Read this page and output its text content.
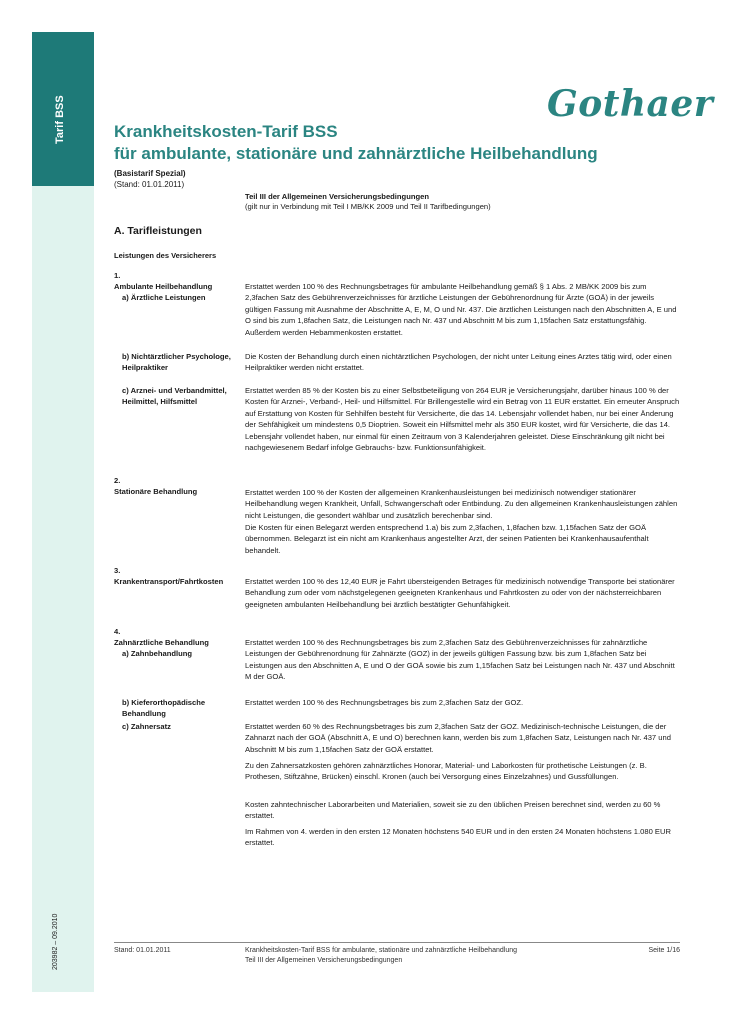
Tarif BSS
203982 – 09.2010
Gothaer
Krankheitskosten-Tarif BSS
für ambulante, stationäre und zahnärztliche Heilbehandlung
(Basistarif Spezial)
(Stand: 01.01.2011)
Teil III der Allgemeinen Versicherungsbedingungen
(gilt nur in Verbindung mit Teil I MB/KK 2009 und Teil II Tarifbedingungen)
A. Tarifleistungen
Leistungen des Versicherers
1.
Ambulante Heilbehandlung
a) Ärztliche Leistungen

Erstattet werden 100 % des Rechnungsbetrages für ambulante Heilbehandlung gemäß § 1 Abs. 2 MB/KK 2009 bis zum 2,3fachen Satz des Gebührenverzeichnisses für ärztliche Leistungen der Gebührenordnung für Ärzte (GOÄ) in der jeweils gültigen Fassung mit Ausnahme der Abschnitte A, E, M, O und Nr. 437. Die ärztlichen Leistungen nach den Abschnitten A, E und O sind bis zum 1,8fachen Satz, die Leistungen nach Nr. 437 und Abschnitt M bis zum 1,15fachen Satz erstattungsfähig. Außerdem werden Hebammenkosten erstattet.

b) Nichtärztlicher Psychologe,
Heilpraktiker

Die Kosten der Behandlung durch einen nichtärztlichen Psychologen, der nicht unter Leitung eines Arztes tätig wird, oder einen Heilpraktiker werden nicht erstattet.

c) Arznei- und Verbandmittel,
Heilmittel, Hilfsmittel

Erstattet werden 85 % der Kosten bis zu einer Selbstbeteiligung von 264 EUR je Versicherungsjahr, darüber hinaus 100 % der Kosten für Arznei-, Verband-, Heil- und Hilfsmittel. Für Brillengestelle wird ein Betrag von 11 EUR erstattet. Ein erneuter Anspruch auf Erstattung von Kosten für Sehhilfen besteht für Versicherte, die das 14. Lebensjahr vollendet haben, nur bei einer Änderung der Sehfähigkeit um mindestens 0,5 Dioptrien. Soweit ein Hilfsmittel mehr als 350 EUR kostet, wird für Versicherte, die das 14. Lebensjahr vollendet haben, nur einmal für einen Zeitraum von 3 Kalenderjahren geleistet. Diese Einschränkung gilt nicht bei nachgewiesenem Bedarf infolge Gebrauchs- bzw. Funktionsunfähigkeit.

2.
Stationäre Behandlung	Erstattet werden 100 % der Kosten der allgemeinen Krankenhausleistungen bei medizinisch notwendiger stationärer Heilbehandlung wegen Krankheit, Unfall, Schwangerschaft oder Entbindung. Zu den allgemeinen Krankenhausleistungen zählen nicht Leistungen, die gesondert wählbar und zusätzlich berechenbar sind.

Die Kosten für einen Belegarzt werden entsprechend 1.a) bis zum 2,3fachen, 1,8fachen bzw. 1,15fachen Satz der GOÄ übernommen. Belegarzt ist ein nicht am Krankenhaus angestellter Arzt, der seinen Patienten bei Krankenhausaufenthalt behandelt.

3.
Krankentransport/Fahrtkosten	Erstattet werden 100 % des 12,40 EUR je Fahrt übersteigenden Betrages für medizinisch notwendige Transporte bei stationärer Behandlung zum oder vom nächstgelegenen geeigneten Krankenhaus und Fahrtkosten zu oder von der nächsterreichbaren geeigneten ambulanten Heilbehandlung bei ärztlich bestätigter Gehunfähigkeit.

4.
Zahnärztliche Behandlung
a) Zahnbehandlung

Erstattet werden 100 % des Rechnungsbetrages bis zum 2,3fachen Satz des Gebührenverzeichnisses für zahnärztliche Leistungen der Gebührenordnung für Zahnärzte (GOZ) in der jeweils gültigen Fassung bzw. bis zum 1,8fachen Satz bei Leistungen aus den Abschnitten A, E und O der GOÄ sowie bis zum 1,15fachen Satz bei Leistungen nach Nr. 437 und Abschnitt M der GOÄ.

b) Kieferorthopädische
Behandlung

Erstattet werden 100 % des Rechnungsbetrages bis zum 2,3fachen Satz der GOZ.

c) Zahnersatz	Erstattet werden 60 % des Rechnungsbetrages bis zum 2,3fachen Satz der GOZ. Medizinisch-technische Leistungen, die der Zahnarzt nach der GOÄ (Abschnitt A, E und O) berechnen kann, werden bis zum 1,8fachen Satz, Leistungen nach Nr. 437 und Abschnitt M bis zum 1,15fachen Satz der GOÄ erstattet.

Zu den Zahnersatzkosten gehören zahnärztliches Honorar, Material- und Laborkosten für prothetische Leistungen (z. B. Prothesen, Stiftzähne, Brücken) einschl. Kronen (auch bei Versorgung eines Einzelzahnes) und Gussfüllungen.

Kosten zahntechnischer Laborarbeiten und Materialien, soweit sie zu den üblichen Preisen berechnet sind, werden zu 60 % erstattet.

Im Rahmen von 4. werden in den ersten 12 Monaten höchstens 540 EUR und in den ersten 24 Monaten höchstens 1.080 EUR erstattet.

Stand: 01.01.2011	Krankheitskosten-Tarif BSS für ambulante, stationäre und zahnärztliche Heilbehandlung
Teil III der Allgemeinen Versicherungsbedingungen
Seite 1/16
